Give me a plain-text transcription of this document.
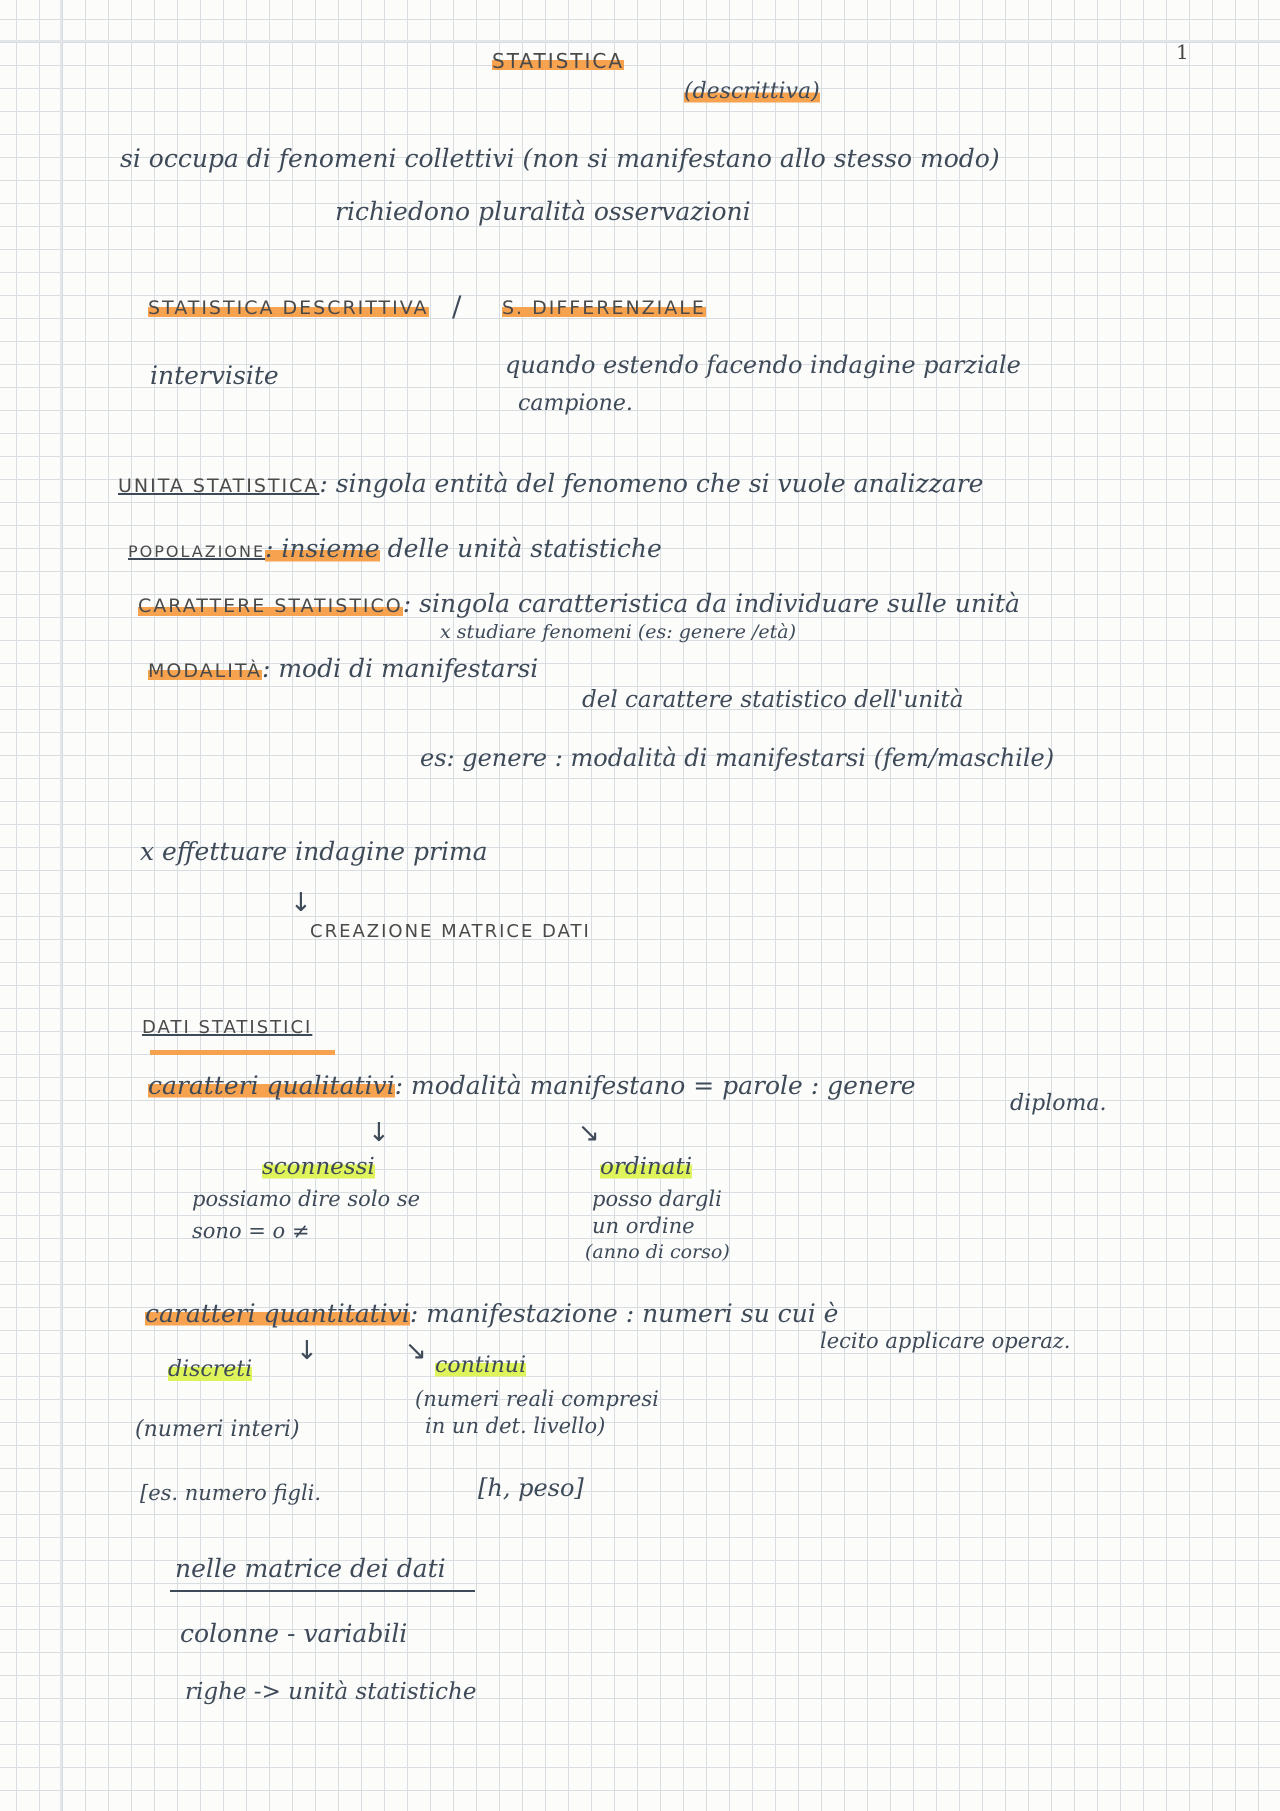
1
STATISTICA
(descrittiva)
si occupa di fenomeni collettivi (non si manifestano allo stesso modo)
richiedono pluralità osservazioni
STATISTICA DESCRITTIVA / S. DIFFERENZIALE
intervisite	quando estendo facendo indagine parziale
campione.
UNITA STATISTICA: singola entità del fenomeno che si vuole analizzare
POPOLAZIONE: insieme delle unità statistiche
CARATTERE STATISTICO: singola caratteristica da individuare sulle unità
x studiare fenomeni (es: genere /età)
MODALITÀ: modi di manifestarsi
del carattere statistico dell'unità
es: genere : modalità di manifestarsi (fem/maschile)
x effettuare indagine prima
↓
CREAZIONE MATRICE DATI
DATI STATISTICI
caratteri qualitativi: modalità manifestano = parole : genere
diploma.
↓	↘
sconnessi
possiamo dire solo se
sono = o ≠
ordinati
posso dargli
un ordine
(anno di corso)
caratteri quantitativi: manifestazione : numeri su cui è
lecito applicare operaz.
discreti
↓	↘ continui
(numeri reali compresi
in un det. livello)
(numeri interi)
[es. numero figli.	[h, peso]
nelle matrice dei dati
colonne - variabili
righe -> unità statistiche
